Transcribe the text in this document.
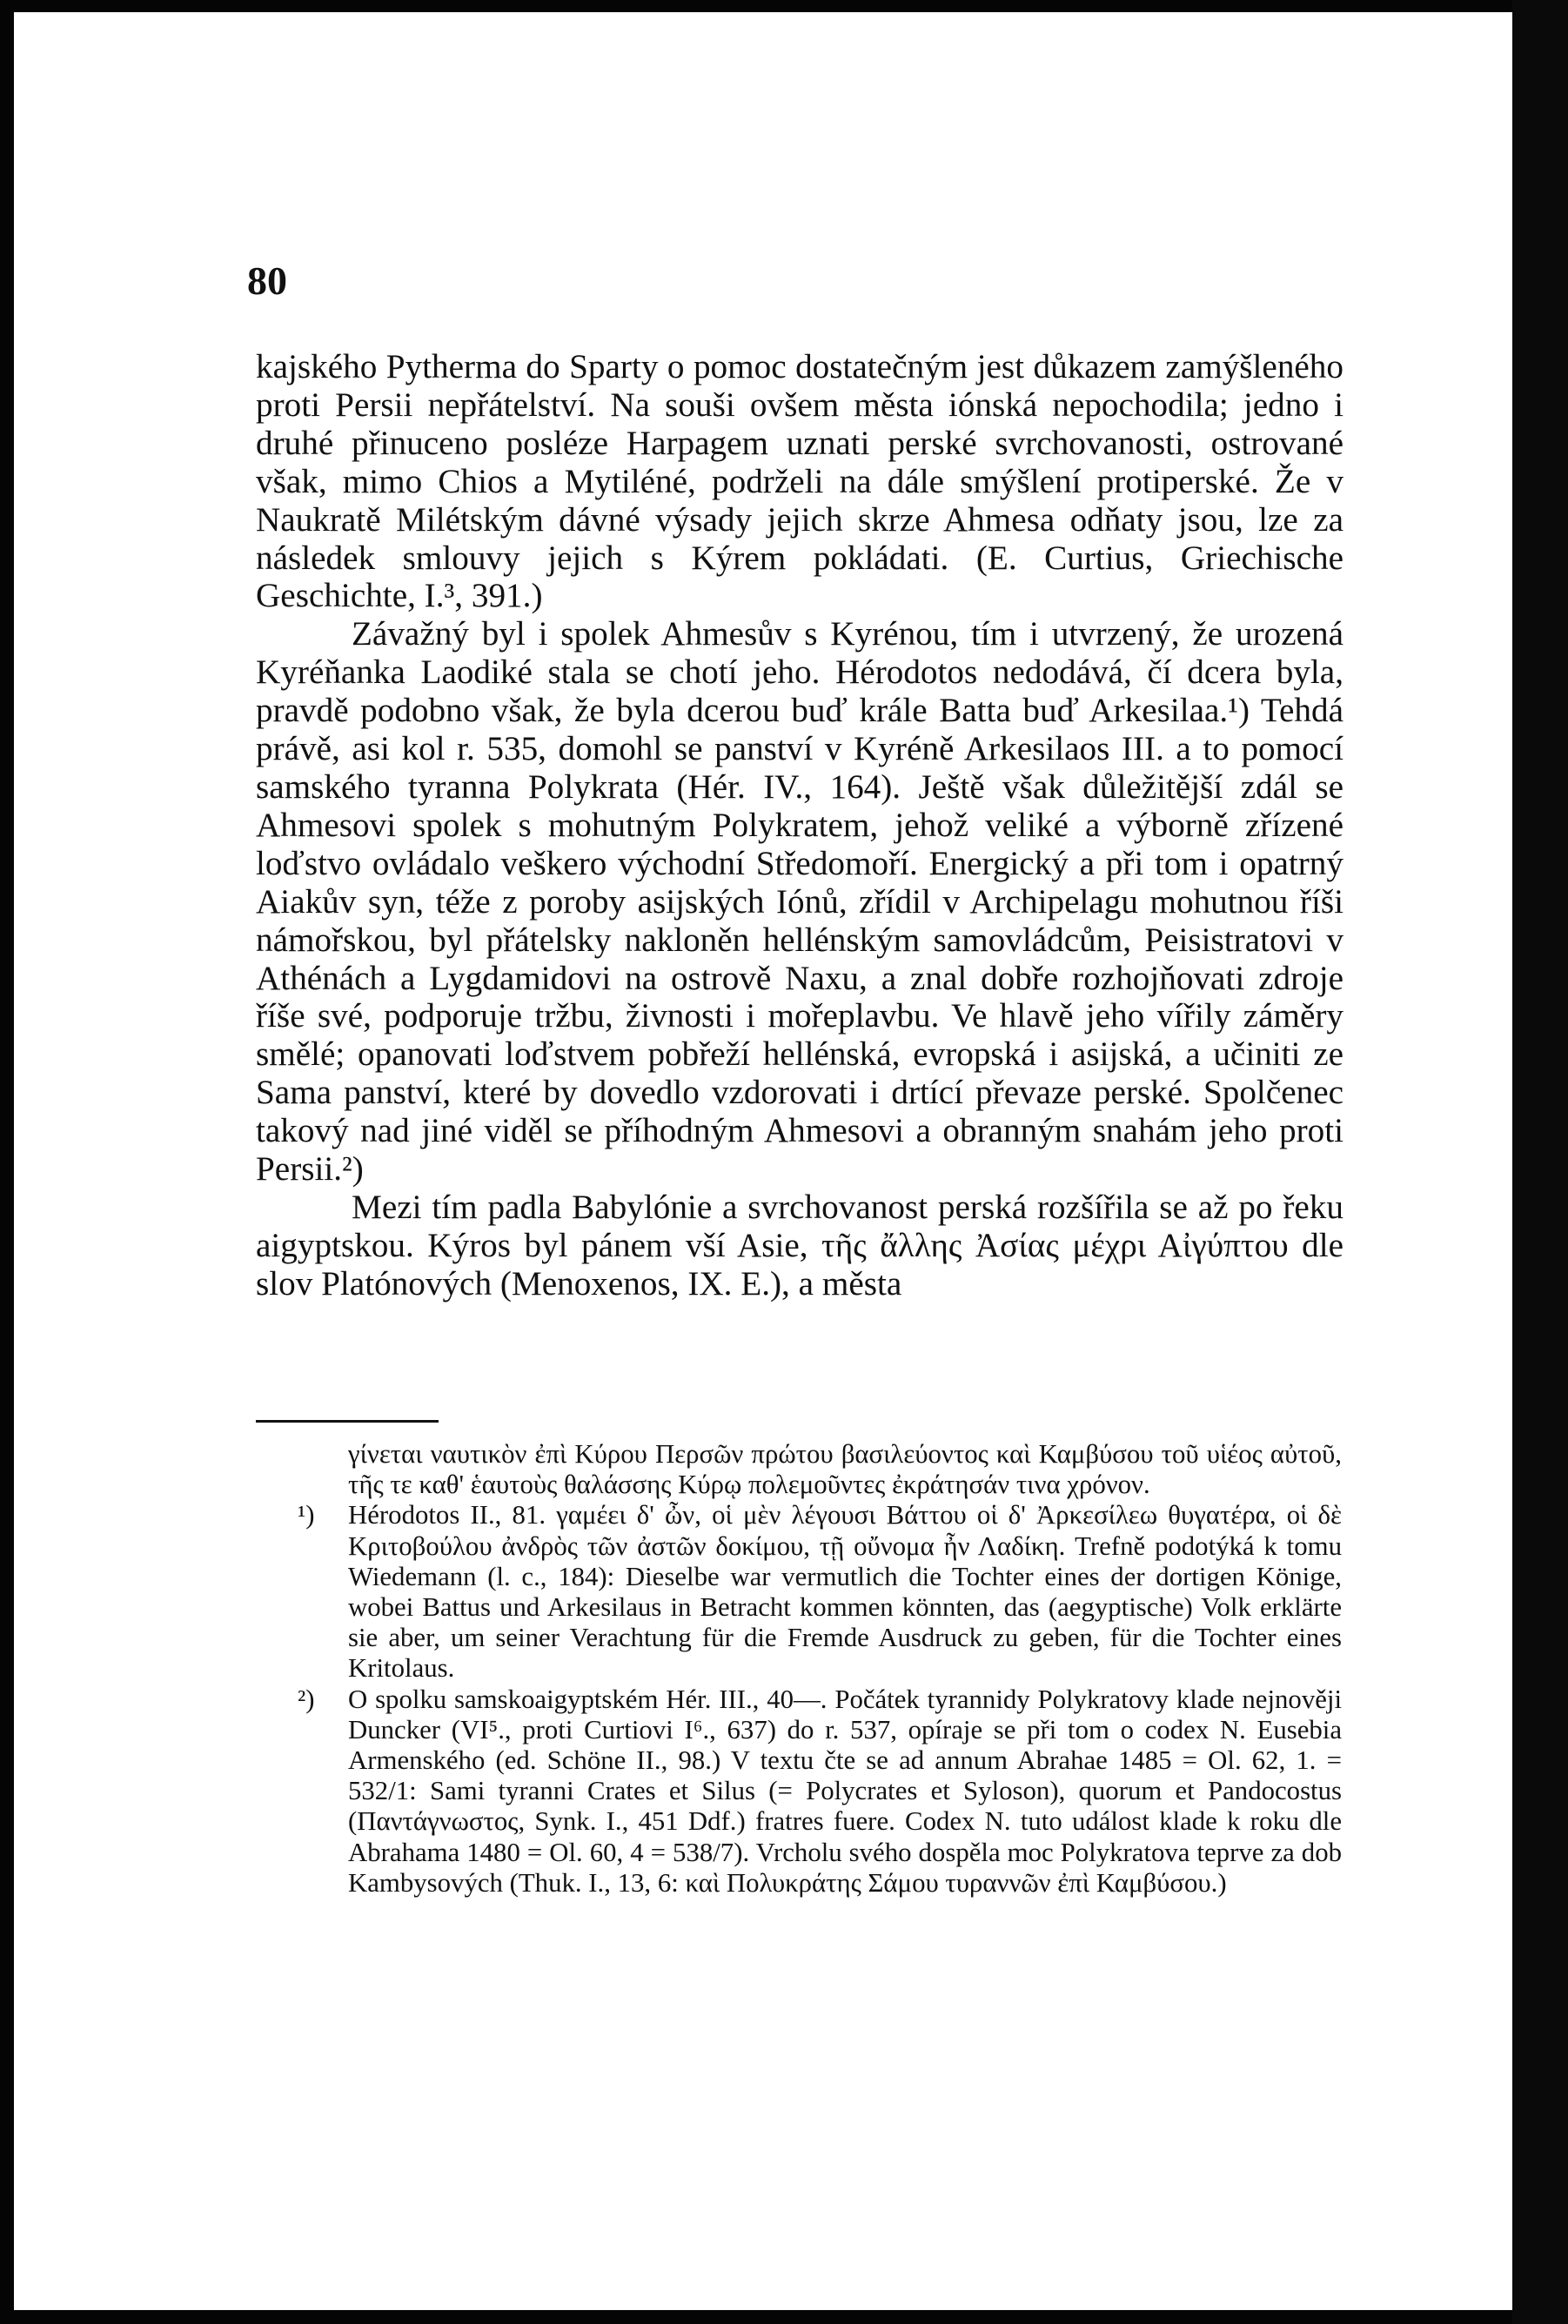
80

kajského Pytherma do Sparty o pomoc dostatečným jest důkazem zamýšleného proti Persii nepřátelství. Na souši ovšem města iónská nepochodila; jedno i druhé přinuceno posléze Harpagem uznati perské svrchovanosti, ostrované však, mimo Chios a Mytiléné, podrželi na dále smýšlení protiperské. Že v Naukratě Milétským dávné výsady jejich skrze Ahmesa odňaty jsou, lze za následek smlouvy jejich s Kýrem pokládati. (E. Curtius, Griechische Geschichte, I.³, 391.)

Závažný byl i spolek Ahmesův s Kyrénou, tím i utvrzený, že urozená Kyréňanka Laodiké stala se chotí jeho. Hérodotos nedodává, čí dcera byla, pravdě podobno však, že byla dcerou buď krále Batta buď Arkesilaa.¹) Tehdá právě, asi kol r. 535, domohl se panství v Kyréně Arkesilaos III. a to pomocí samského tyranna Polykrata (Hér. IV., 164). Ještě však důležitější zdál se Ahmesovi spolek s mohutným Polykratem, jehož veliké a výborně zřízené loďstvo ovládalo veškero východní Středomoří. Energický a při tom i opatrný Aiakův syn, téže z poroby asijských Iónů, zřídil v Archipelagu mohutnou říši námořskou, byl přátelsky nakloněn hellénským samovládcům, Peisistratovi v Athénách a Lygdamidovi na ostrově Naxu, a znal dobře rozhojňovati zdroje říše své, podporuje tržbu, živnosti i mořeplavbu. Ve hlavě jeho vířily záměry smělé; opanovati loďstvem pobřeží hellénská, evropská i asijská, a učiniti ze Sama panství, které by dovedlo vzdorovati i drtící převaze perské. Spolčenec takový nad jiné viděl se příhodným Ahmesovi a obranným snahám jeho proti Persii.²)

Mezi tím padla Babylónie a svrchovanost perská rozšířila se až po řeku aigyptskou. Kýros byl pánem vší Asie, τῆς ἄλλης Ἀσίας μέχρι Αἰγύπτου dle slov Platónových (Menoxenos, IX. E.), a města

γίνεται ναυτικὸν ἐπὶ Κύρου Περσῶν πρώτου βασιλεύοντος καὶ Καμβύσου τοῦ υἱέος αὐτοῦ, τῆς τε καθ' ἑαυτοὺς θαλάσσης Κύρῳ πολεμοῦντες ἐκράτησάν τινα χρόνον.

¹) Hérodotos II., 81. γαμέει δ' ὦν, οἱ μὲν λέγουσι Βάττου οἱ δ' Ἀρκεσίλεω θυγατέρα, οἱ δὲ Κριτοβούλου ἀνδρὸς τῶν ἀστῶν δοκίμου, τῇ οὔνομα ἦν Λαδίκη. Trefně podotýká k tomu Wiedemann (l. c., 184): Dieselbe war vermutlich die Tochter eines der dortigen Könige, wobei Battus und Arkesilaus in Betracht kommen könnten, das (aegyptische) Volk erklärte sie aber, um seiner Verachtung für die Fremde Ausdruck zu geben, für die Tochter eines Kritolaus.

²) O spolku samskoaigyptském Hér. III., 40—. Počátek tyrannidy Polykratovy klade nejnověji Duncker (VI⁵., proti Curtiovi I⁶., 637) do r. 537, opíraje se při tom o codex N. Eusebia Armenského (ed. Schöne II., 98.) V textu čte se ad annum Abrahae 1485 = Ol. 62, 1. = 532/1: Sami tyranni Crates et Silus (= Polycrates et Syloson), quorum et Pandocostus (Παντάγνωστος, Synk. I., 451 Ddf.) fratres fuere. Codex N. tuto událost klade k roku dle Abrahama 1480 = Ol. 60, 4 = 538/7). Vrcholu svého dospěla moc Polykratova teprve za dob Kambysových (Thuk. I., 13, 6: καὶ Πολυκράτης Σάμου τυραννῶν ἐπὶ Καμβύσου.)
